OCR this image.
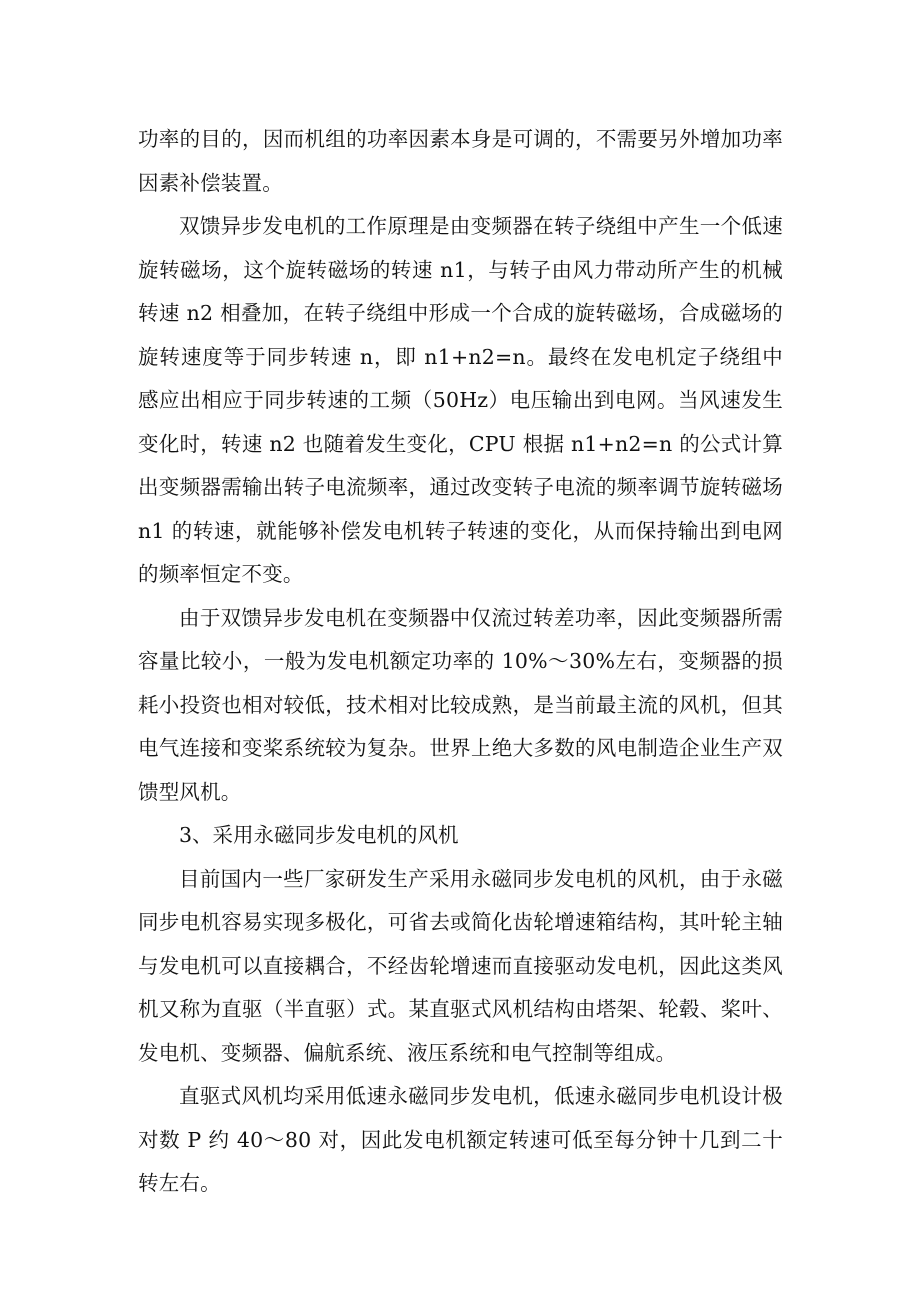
功率的目的，因而机组的功率因素本身是可调的，不需要另外增加功率因素补偿装置。

双馈异步发电机的工作原理是由变频器在转子绕组中产生一个低速旋转磁场，这个旋转磁场的转速 n1，与转子由风力带动所产生的机械转速 n2 相叠加，在转子绕组中形成一个合成的旋转磁场，合成磁场的旋转速度等于同步转速 n，即 n1+n2=n。最终在发电机定子绕组中感应出相应于同步转速的工频（50Hz）电压输出到电网。当风速发生变化时，转速 n2 也随着发生变化，CPU 根据 n1+n2=n 的公式计算出变频器需输出转子电流频率，通过改变转子电流的频率调节旋转磁场 n1 的转速，就能够补偿发电机转子转速的变化，从而保持输出到电网的频率恒定不变。

由于双馈异步发电机在变频器中仅流过转差功率，因此变频器所需容量比较小，一般为发电机额定功率的 10%～30%左右，变频器的损耗小投资也相对较低，技术相对比较成熟，是当前最主流的风机，但其电气连接和变桨系统较为复杂。世界上绝大多数的风电制造企业生产双馈型风机。

3、采用永磁同步发电机的风机

目前国内一些厂家研发生产采用永磁同步发电机的风机，由于永磁同步电机容易实现多极化，可省去或简化齿轮增速箱结构，其叶轮主轴与发电机可以直接耦合，不经齿轮增速而直接驱动发电机，因此这类风机又称为直驱（半直驱）式。某直驱式风机结构由塔架、轮毂、桨叶、发电机、变频器、偏航系统、液压系统和电气控制等组成。

直驱式风机均采用低速永磁同步发电机，低速永磁同步电机设计极对数 P 约 40～80 对，因此发电机额定转速可低至每分钟十几到二十转左右。
